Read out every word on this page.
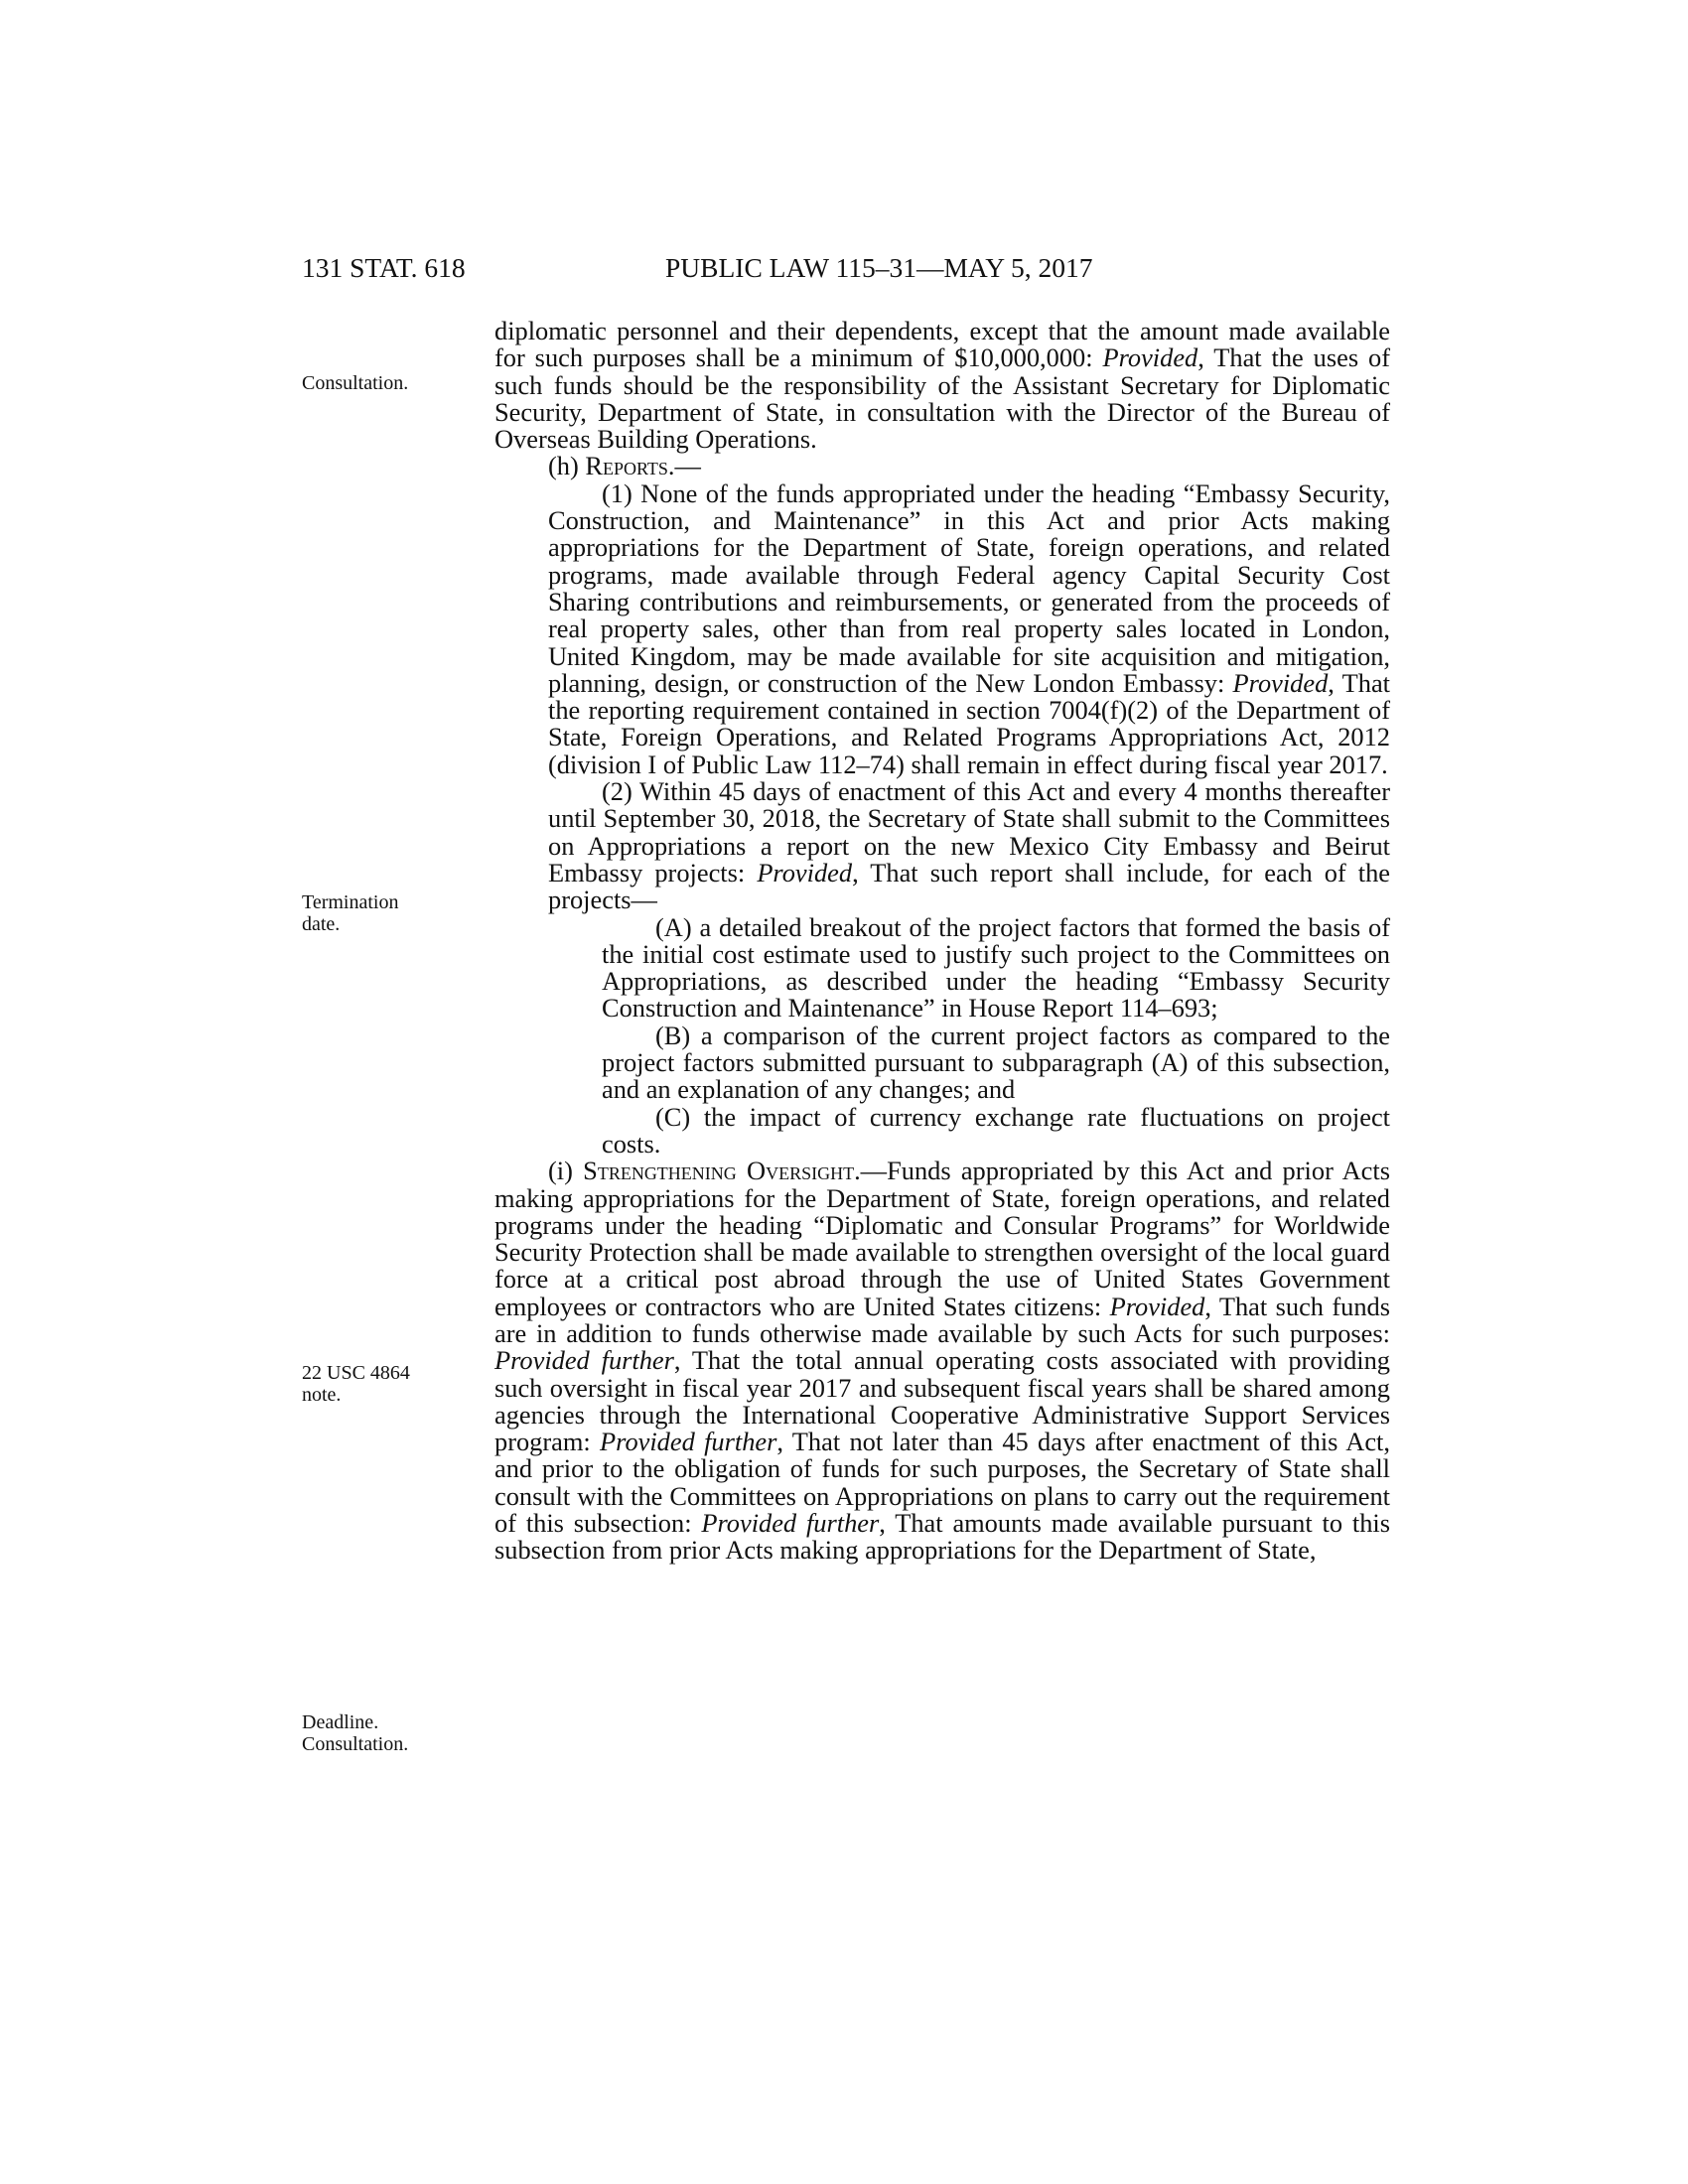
131 STAT. 618	PUBLIC LAW 115–31—MAY 5, 2017
Consultation.
Termination
date.
22 USC 4864
note.
Deadline.
Consultation.

diplomatic personnel and their dependents, except that the amount made available for such purposes shall be a minimum of $10,000,000: Provided, That the uses of such funds should be the responsibility of the Assistant Secretary for Diplomatic Security, Department of State, in consultation with the Director of the Bureau of Overseas Building Operations.

(h) Reports.—

(1) None of the funds appropriated under the heading “Embassy Security, Construction, and Maintenance” in this Act and prior Acts making appropriations for the Department of State, foreign operations, and related programs, made available through Federal agency Capital Security Cost Sharing contributions and reimbursements, or generated from the proceeds of real property sales, other than from real property sales located in London, United Kingdom, may be made available for site acquisition and mitigation, planning, design, or construction of the New London Embassy: Provided, That the reporting requirement contained in section 7004(f)(2) of the Department of State, Foreign Operations, and Related Programs Appropriations Act, 2012 (division I of Public Law 112–74) shall remain in effect during fiscal year 2017.

(2) Within 45 days of enactment of this Act and every 4 months thereafter until September 30, 2018, the Secretary of State shall submit to the Committees on Appropriations a report on the new Mexico City Embassy and Beirut Embassy projects: Provided, That such report shall include, for each of the projects—

(A) a detailed breakout of the project factors that formed the basis of the initial cost estimate used to justify such project to the Committees on Appropriations, as described under the heading “Embassy Security Construction and Maintenance” in House Report 114–693;

(B) a comparison of the current project factors as compared to the project factors submitted pursuant to subparagraph (A) of this subsection, and an explanation of any changes; and

(C) the impact of currency exchange rate fluctuations on project costs.

(i) Strengthening Oversight.—Funds appropriated by this Act and prior Acts making appropriations for the Department of State, foreign operations, and related programs under the heading “Diplomatic and Consular Programs” for Worldwide Security Protection shall be made available to strengthen oversight of the local guard force at a critical post abroad through the use of United States Government employees or contractors who are United States citizens: Provided, That such funds are in addition to funds otherwise made available by such Acts for such purposes: Provided further, That the total annual operating costs associated with providing such oversight in fiscal year 2017 and subsequent fiscal years shall be shared among agencies through the International Cooperative Administrative Support Services program: Provided further, That not later than 45 days after enactment of this Act, and prior to the obligation of funds for such purposes, the Secretary of State shall consult with the Committees on Appropriations on plans to carry out the requirement of this subsection: Provided further, That amounts made available pursuant to this subsection from prior Acts making appropriations for the Department of State,
